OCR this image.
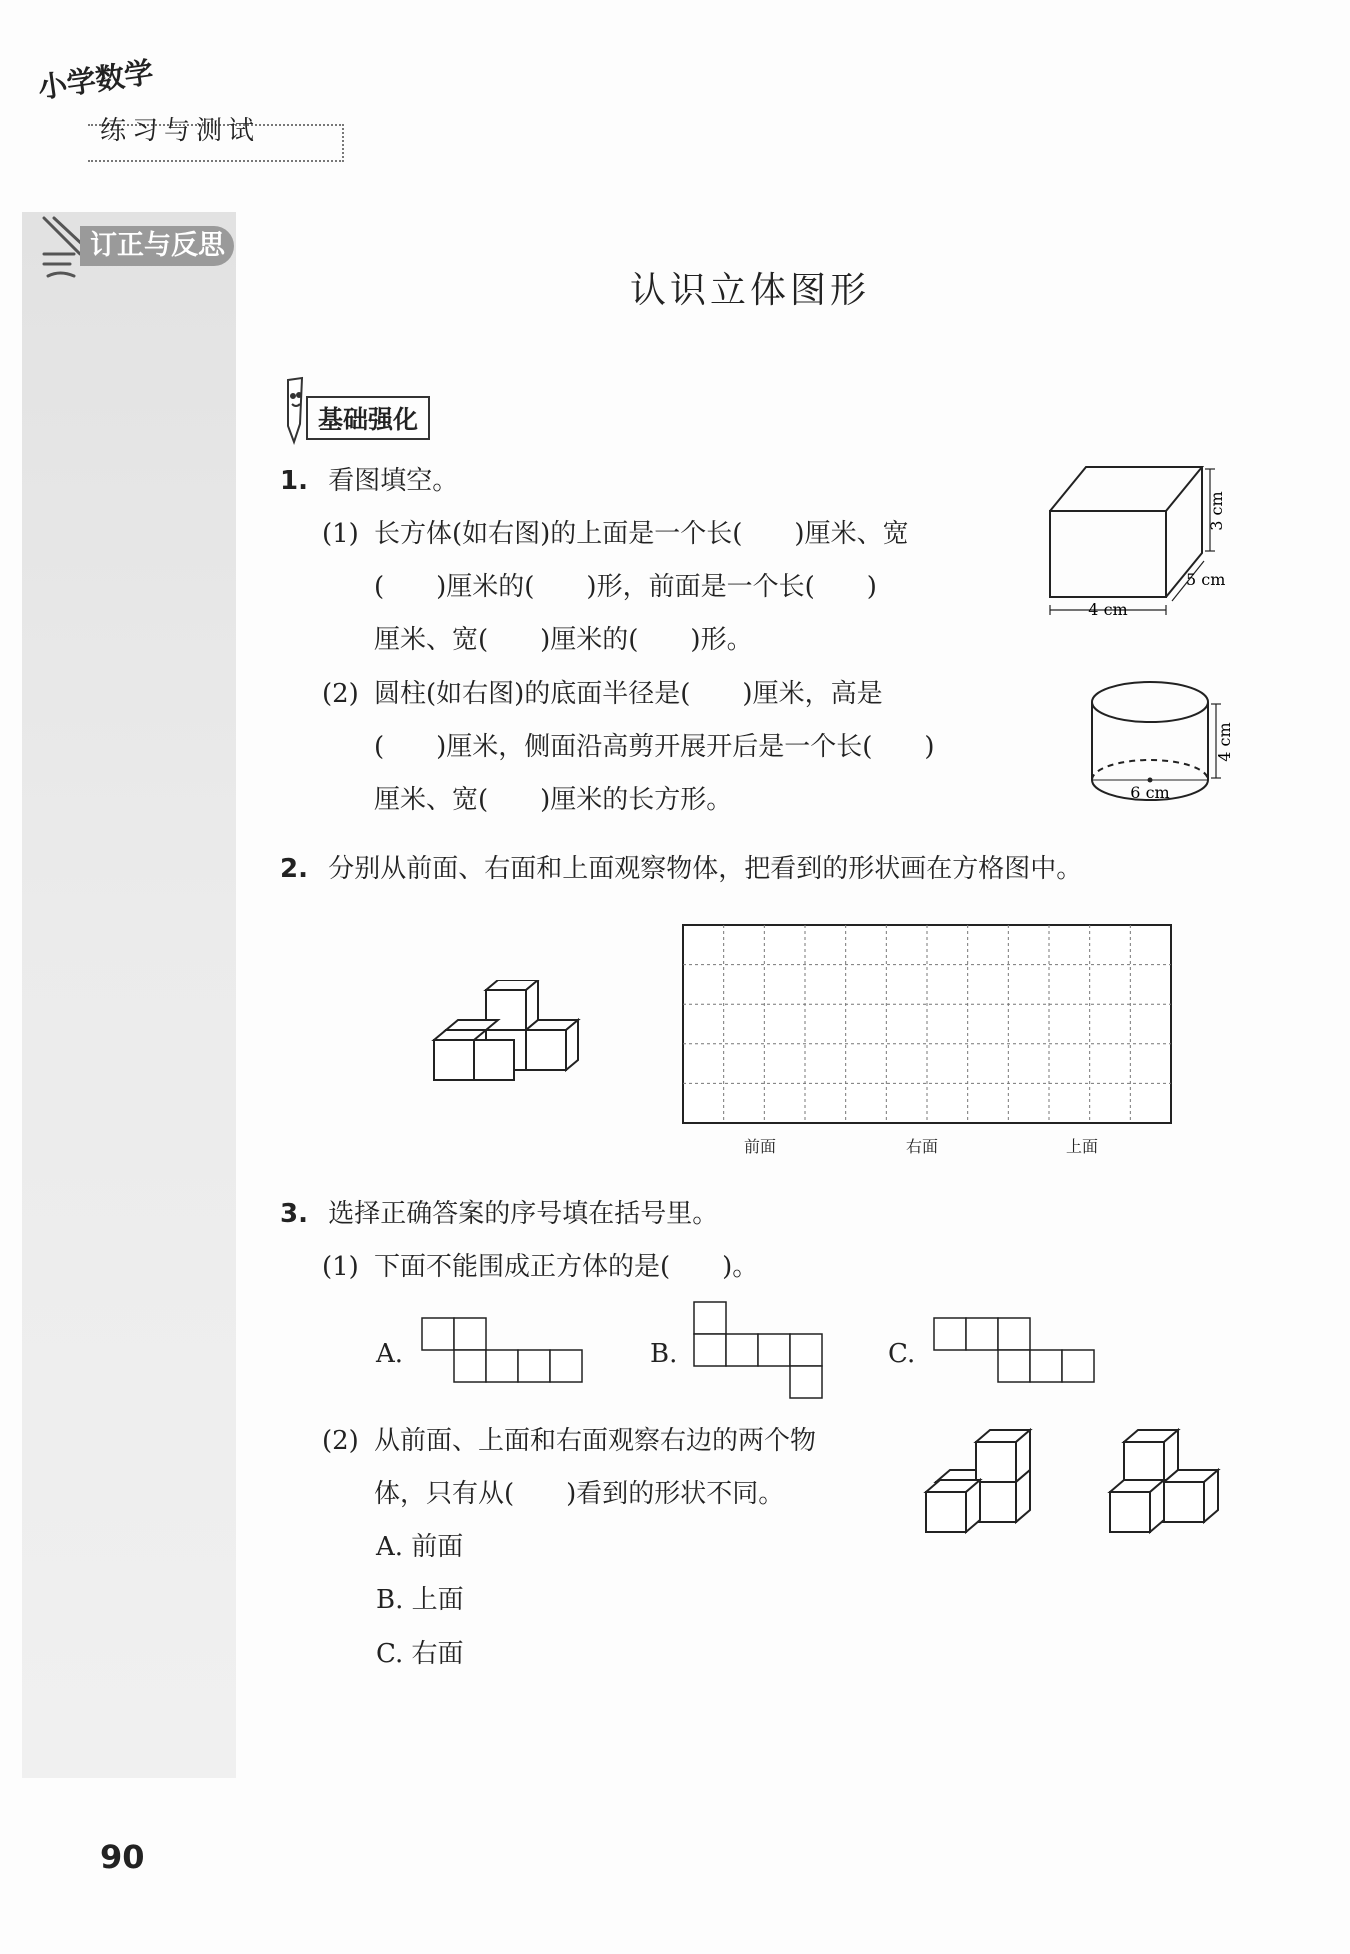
小学数学
练习与测试
订正与反思
认识立体图形
基础强化
1. 看图填空。
(1) 长方体(如右图)的上面是一个长(　　)厘米、宽
(　　)厘米的(　　)形，前面是一个长(　　)
厘米、宽(　　)厘米的(　　)形。
(2) 圆柱(如右图)的底面半径是(　　)厘米，高是
(　　)厘米，侧面沿高剪开展开后是一个长(　　)
厘米、宽(　　)厘米的长方形。
3 cm
5 cm
4 cm
6 cm
4 cm
2. 分别从前面、右面和上面观察物体，把看到的形状画在方格图中。
前面	右面	上面
3. 选择正确答案的序号填在括号里。
(1) 下面不能围成正方体的是(　　)。
A.	B.	C.
(2) 从前面、上面和右面观察右边的两个物
体，只有从(　　)看到的形状不同。
A. 前面
B. 上面
C. 右面
90
